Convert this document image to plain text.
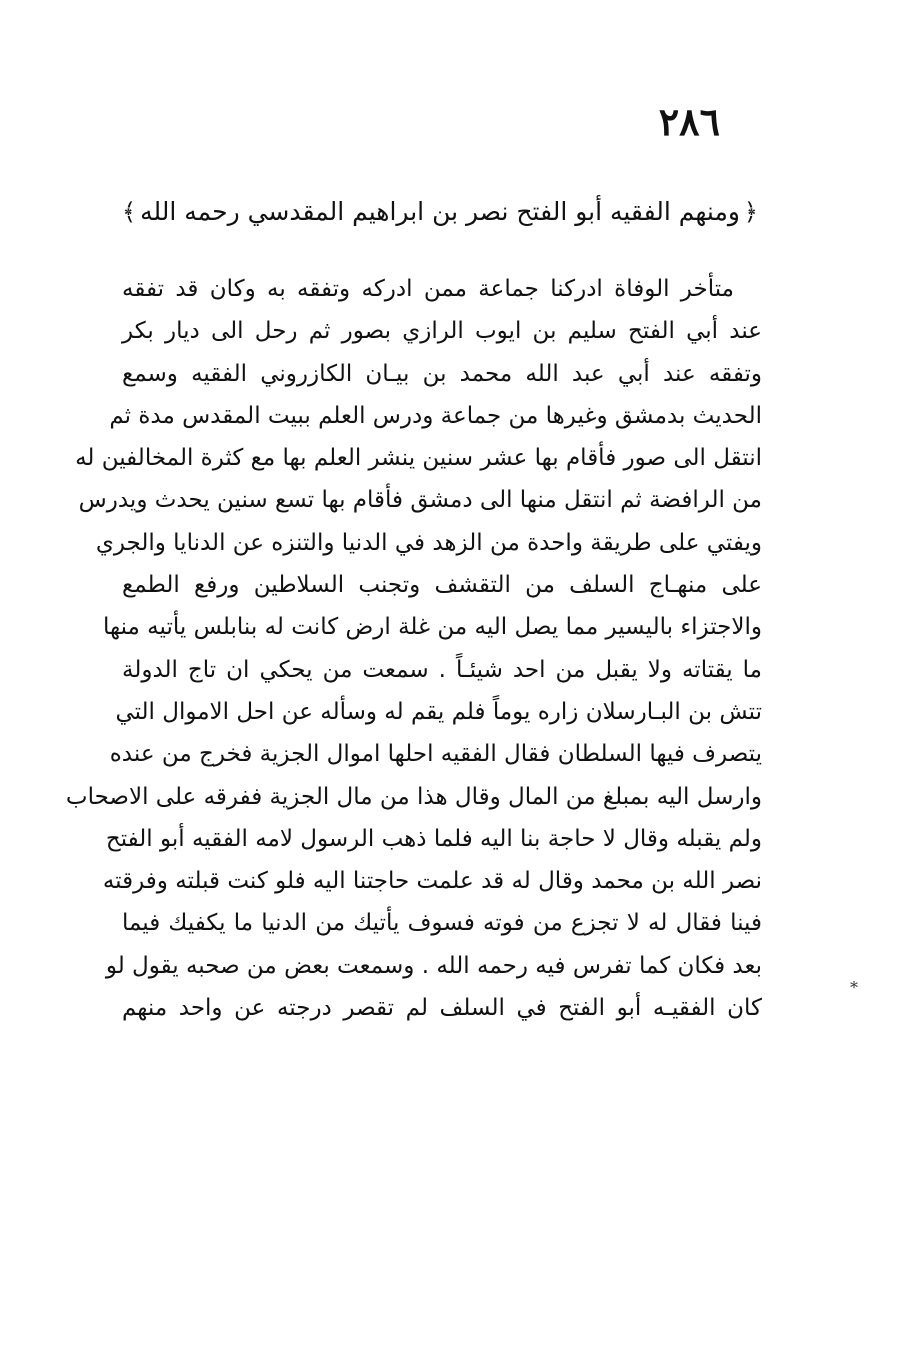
٢٨٦
﴿
ومنهم الفقيه أبو الفتح نصر بن ابراهيم المقدسي رحمه الله
﴾
متأخر الوفاة ادركنا جماعة ممن ادركه وتفقه به وكان قد تفقه
عند أبي الفتح سليم بن ايوب الرازي بصور ثم رحل الى ديار بكر
وتفقه عند أبي عبد الله محمد بن بيـان الكازروني الفقيه وسمع
الحديث بدمشق وغيرها من جماعة ودرس العلم ببيت المقدس مدة ثم
انتقل الى صور فأقام بها عشر سنين ينشر العلم بها مع كثرة المخالفين له
من الرافضة ثم انتقل منها الى دمشق فأقام بها تسع سنين يحدث ويدرس
ويفتي على طريقة واحدة من الزهد في الدنيا والتنزه عن الدنايا والجري
على منهـاج السلف من التقشف وتجنب السلاطين ورفع الطمع
والاجتزاء باليسير مما يصل اليه من غلة ارض كانت له بنابلس يأتيه منها
ما يقتاته ولا يقبل من احد شيئـاً . سمعت من يحكي ان تاج الدولة
تتش بن البـارسلان زاره يوماً فلم يقم له وسأله عن احل الاموال التي
يتصرف فيها السلطان فقال الفقيه احلها اموال الجزية فخرج من عنده
وارسل اليه بمبلغ من المال وقال هذا من مال الجزية ففرقه على الاصحاب
ولم يقبله وقال لا حاجة بنا اليه فلما ذهب الرسول لامه الفقيه أبو الفتح
نصر الله بن محمد وقال له قد علمت حاجتنا اليه فلو كنت قبلته وفرقته
فينا فقال له لا تجزع من فوته فسوف يأتيك من الدنيا ما يكفيك فيما
بعد فكان كما تفرس فيه رحمه الله . وسمعت بعض من صحبه يقول لو
كان الفقيـه أبو الفتح في السلف لم تقصر درجته عن واحد منهم
*
